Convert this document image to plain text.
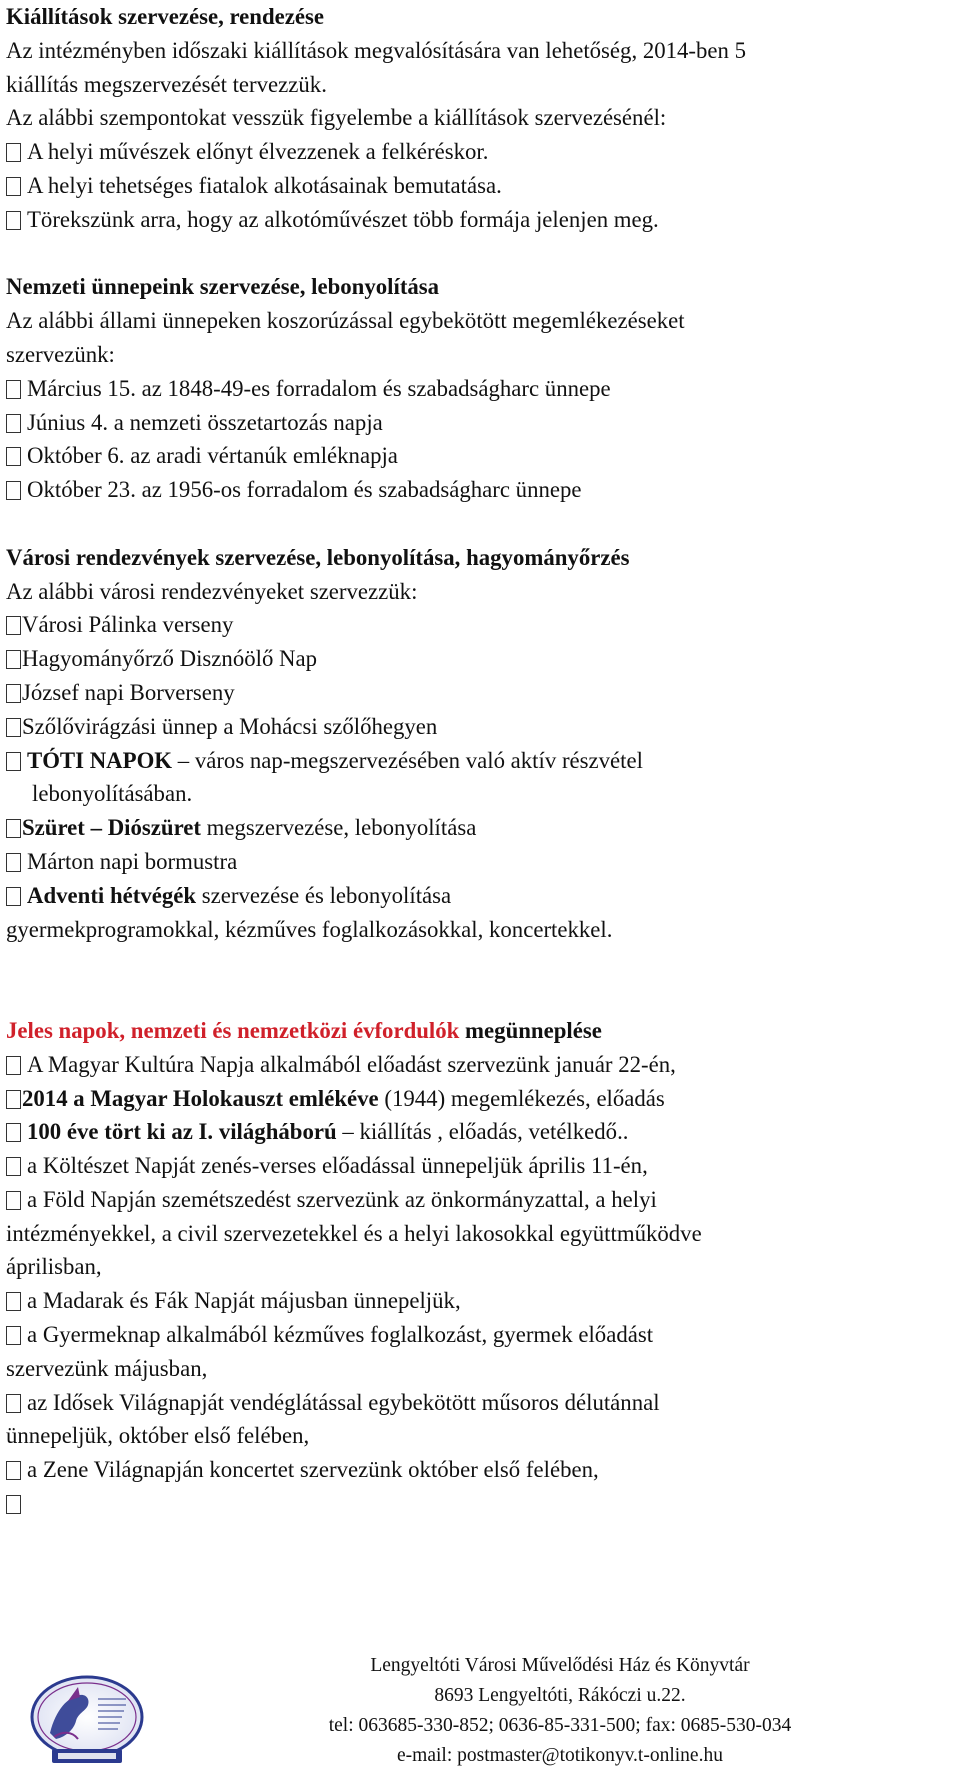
Kiállítások szervezése, rendezése
Az intézményben időszaki kiállítások megvalósítására van lehetőség, 2014-ben 5
kiállítás megszervezését tervezzük.
Az alábbi szempontokat vesszük figyelembe a kiállítások szervezésénél:
A helyi művészek előnyt élvezzenek a felkéréskor.
A helyi tehetséges fiatalok alkotásainak bemutatása.
Törekszünk arra, hogy az alkotóművészet több formája jelenjen meg.
Nemzeti ünnepeink szervezése, lebonyolítása
Az alábbi állami ünnepeken koszorúzással egybekötött megemlékezéseket
szervezünk:
Március 15. az 1848-49-es forradalom és szabadságharc ünnepe
Június 4. a nemzeti összetartozás napja
Október 6. az aradi vértanúk emléknapja
Október 23. az 1956-os forradalom és szabadságharc ünnepe
Városi rendezvények szervezése, lebonyolítása, hagyományőrzés
Az alábbi városi rendezvényeket szervezzük:
Városi Pálinka verseny
Hagyományőrző Disznóölő Nap
József napi Borverseny
Szőlővirágzási ünnep a Mohácsi szőlőhegyen
TÓTI NAPOK – város nap-megszervezésében való aktív részvétel
lebonyolításában.
Szüret – Diószüret megszervezése, lebonyolítása
Márton napi bormustra
Adventi hétvégék szervezése és lebonyolítása
gyermekprogramokkal, kézműves foglalkozásokkal, koncertekkel.
Jeles napok, nemzeti és nemzetközi évfordulók megünneplése
A Magyar Kultúra Napja alkalmából előadást szervezünk január 22-én,
2014 a Magyar Holokauszt emlékéve (1944) megemlékezés, előadás
100 éve tört ki az I. világháború – kiállítás , előadás, vetélkedő..
a Költészet Napját zenés-verses előadással ünnepeljük április 11-én,
a Föld Napján szemétszedést szervezünk az önkormányzattal, a helyi
intézményekkel, a civil szervezetekkel és a helyi lakosokkal együttműködve
áprilisban,
a Madarak és Fák Napját májusban ünnepeljük,
a Gyermeknap alkalmából kézműves foglalkozást, gyermek előadást
szervezünk májusban,
az Idősek Világnapját vendéglátással egybekötött műsoros délutánnal
ünnepeljük, október első felében,
a Zene Világnapján koncertet szervezünk október első felében,
Lengyeltóti Városi Művelődési Ház és Könyvtár
8693 Lengyeltóti, Rákóczi u.22.
tel: 063685-330-852; 0636-85-331-500; fax: 0685-530-034
e-mail: postmaster@totikonyv.t-online.hu
